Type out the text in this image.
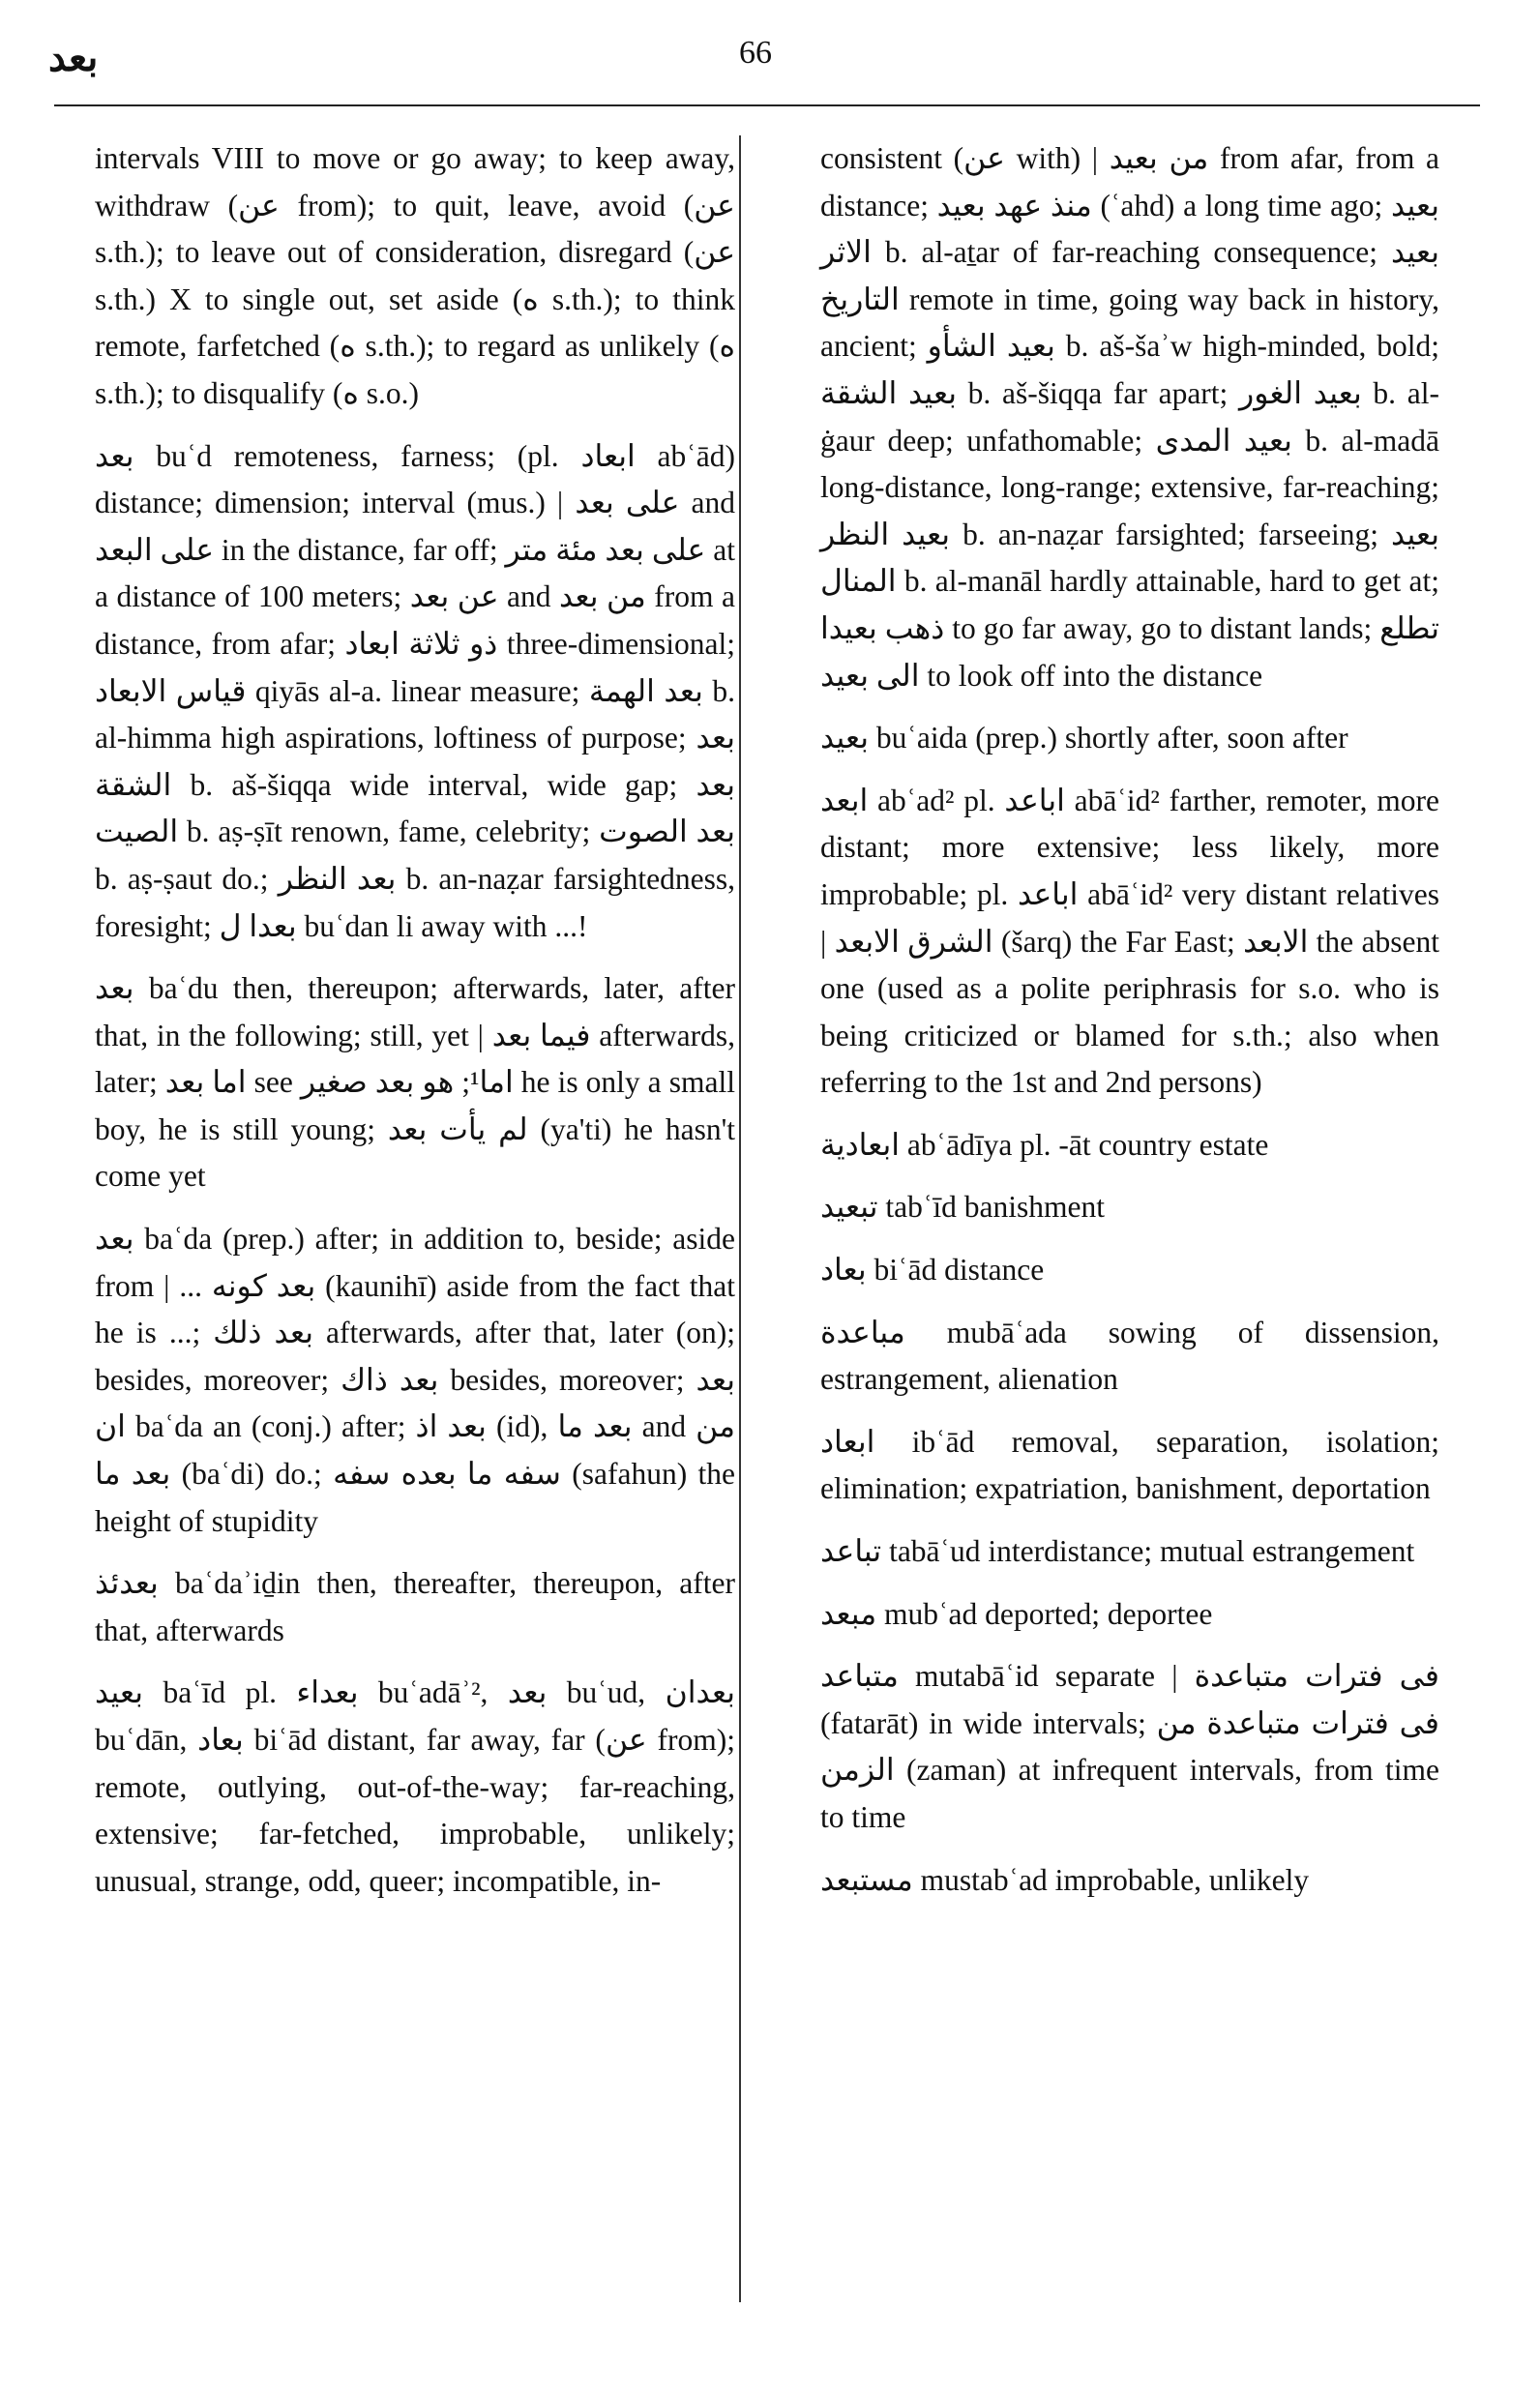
بعد	66

intervals VIII to move or go away; to keep away, withdraw (عن from); to quit, leave, avoid (عن s.th.); to leave out of consideration, disregard (عن s.th.) X to single out, set aside (ه s.th.); to think remote, farfetched (ه s.th.); to regard as unlikely (ه s.th.); to disqualify (ه s.o.)

بعد buʿd remoteness, farness; (pl. ابعاد abʿād) distance; dimension; interval (mus.) | على بعد and على البعد in the distance, far off; على بعد مئة متر at a distance of 100 meters; عن بعد and من بعد from a distance, from afar; ذو ثلاثة ابعاد three-dimensional; قياس الابعاد qiyās al-a. linear measure; بعد الهمة b. al-himma high aspirations, loftiness of purpose; بعد الشقة b. aš-šiqqa wide interval, wide gap; بعد الصيت b. aṣ-ṣīt renown, fame, celebrity; بعد الصوت b. aṣ-ṣaut do.; بعد النظر b. an-naẓar farsightedness, foresight; بعدا ل buʿdan li away with ...!

بعد baʿdu then, thereupon; afterwards, later, after that, in the following; still, yet | فيما بعد afterwards, later; اما بعد see اما¹; هو بعد صغير he is only a small boy, he is still young; لم يأت بعد (ya'ti) he hasn't come yet

بعد baʿda (prep.) after; in addition to, beside; aside from | ... بعد كونه (kaunihī) aside from the fact that he is ...; بعد ذلك afterwards, after that, later (on); besides, moreover; بعد ذاك besides, moreover; بعد ان baʿda an (conj.) after; بعد اذ (id), بعد ما and من بعد ما (baʿdi) do.; سفه ما بعده سفه (safahun) the height of stupidity

بعدئذ baʿdaʾiḏin then, thereafter, thereupon, after that, afterwards

بعيد baʿīd pl. بعداء buʿadāʾ², بعد buʿud, بعدان buʿdān, بعاد biʿād distant, far away, far (عن from); remote, outlying, out-of-the-way; far-reaching, extensive; far-fetched, improbable, unlikely; unusual, strange, odd, queer; incompatible, in-

consistent (عن with) | من بعيد from afar, from a distance; منذ عهد بعيد (ʿahd) a long time ago; بعيد الاثر b. al-aṯar of far-reaching consequence; بعيد التاريخ remote in time, going way back in history, ancient; بعيد الشأو b. aš-šaʾw high-minded, bold; بعيد الشقة b. aš-šiqqa far apart; بعيد الغور b. al-ġaur deep; unfathomable; بعيد المدى b. al-madā long-distance, long-range; extensive, far-reaching; بعيد النظر b. an-naẓar farsighted; farseeing; بعيد المنال b. al-manāl hardly attainable, hard to get at; ذهب بعيدا to go far away, go to distant lands; تطلع الى بعيد to look off into the distance

بعيد buʿaida (prep.) shortly after, soon after

ابعد abʿad² pl. اباعد abāʿid² farther, remoter, more distant; more extensive; less likely, more improbable; pl. اباعد abāʿid² very distant relatives | الشرق الابعد (šarq) the Far East; الابعد the absent one (used as a polite periphrasis for s.o. who is being criticized or blamed for s.th.; also when referring to the 1st and 2nd persons)

ابعادية abʿādīya pl. -āt country estate

تبعيد tabʿīd banishment

بعاد biʿād distance

مباعدة mubāʿada sowing of dissension, estrangement, alienation

ابعاد ibʿād removal, separation, isolation; elimination; expatriation, banishment, deportation

تباعد tabāʿud interdistance; mutual estrangement

مبعد mubʿad deported; deportee

متباعد mutabāʿid separate | فى فترات متباعدة (fatarāt) in wide intervals; فى فترات متباعدة من الزمن (zaman) at infrequent intervals, from time to time

مستبعد mustabʿad improbable, unlikely
